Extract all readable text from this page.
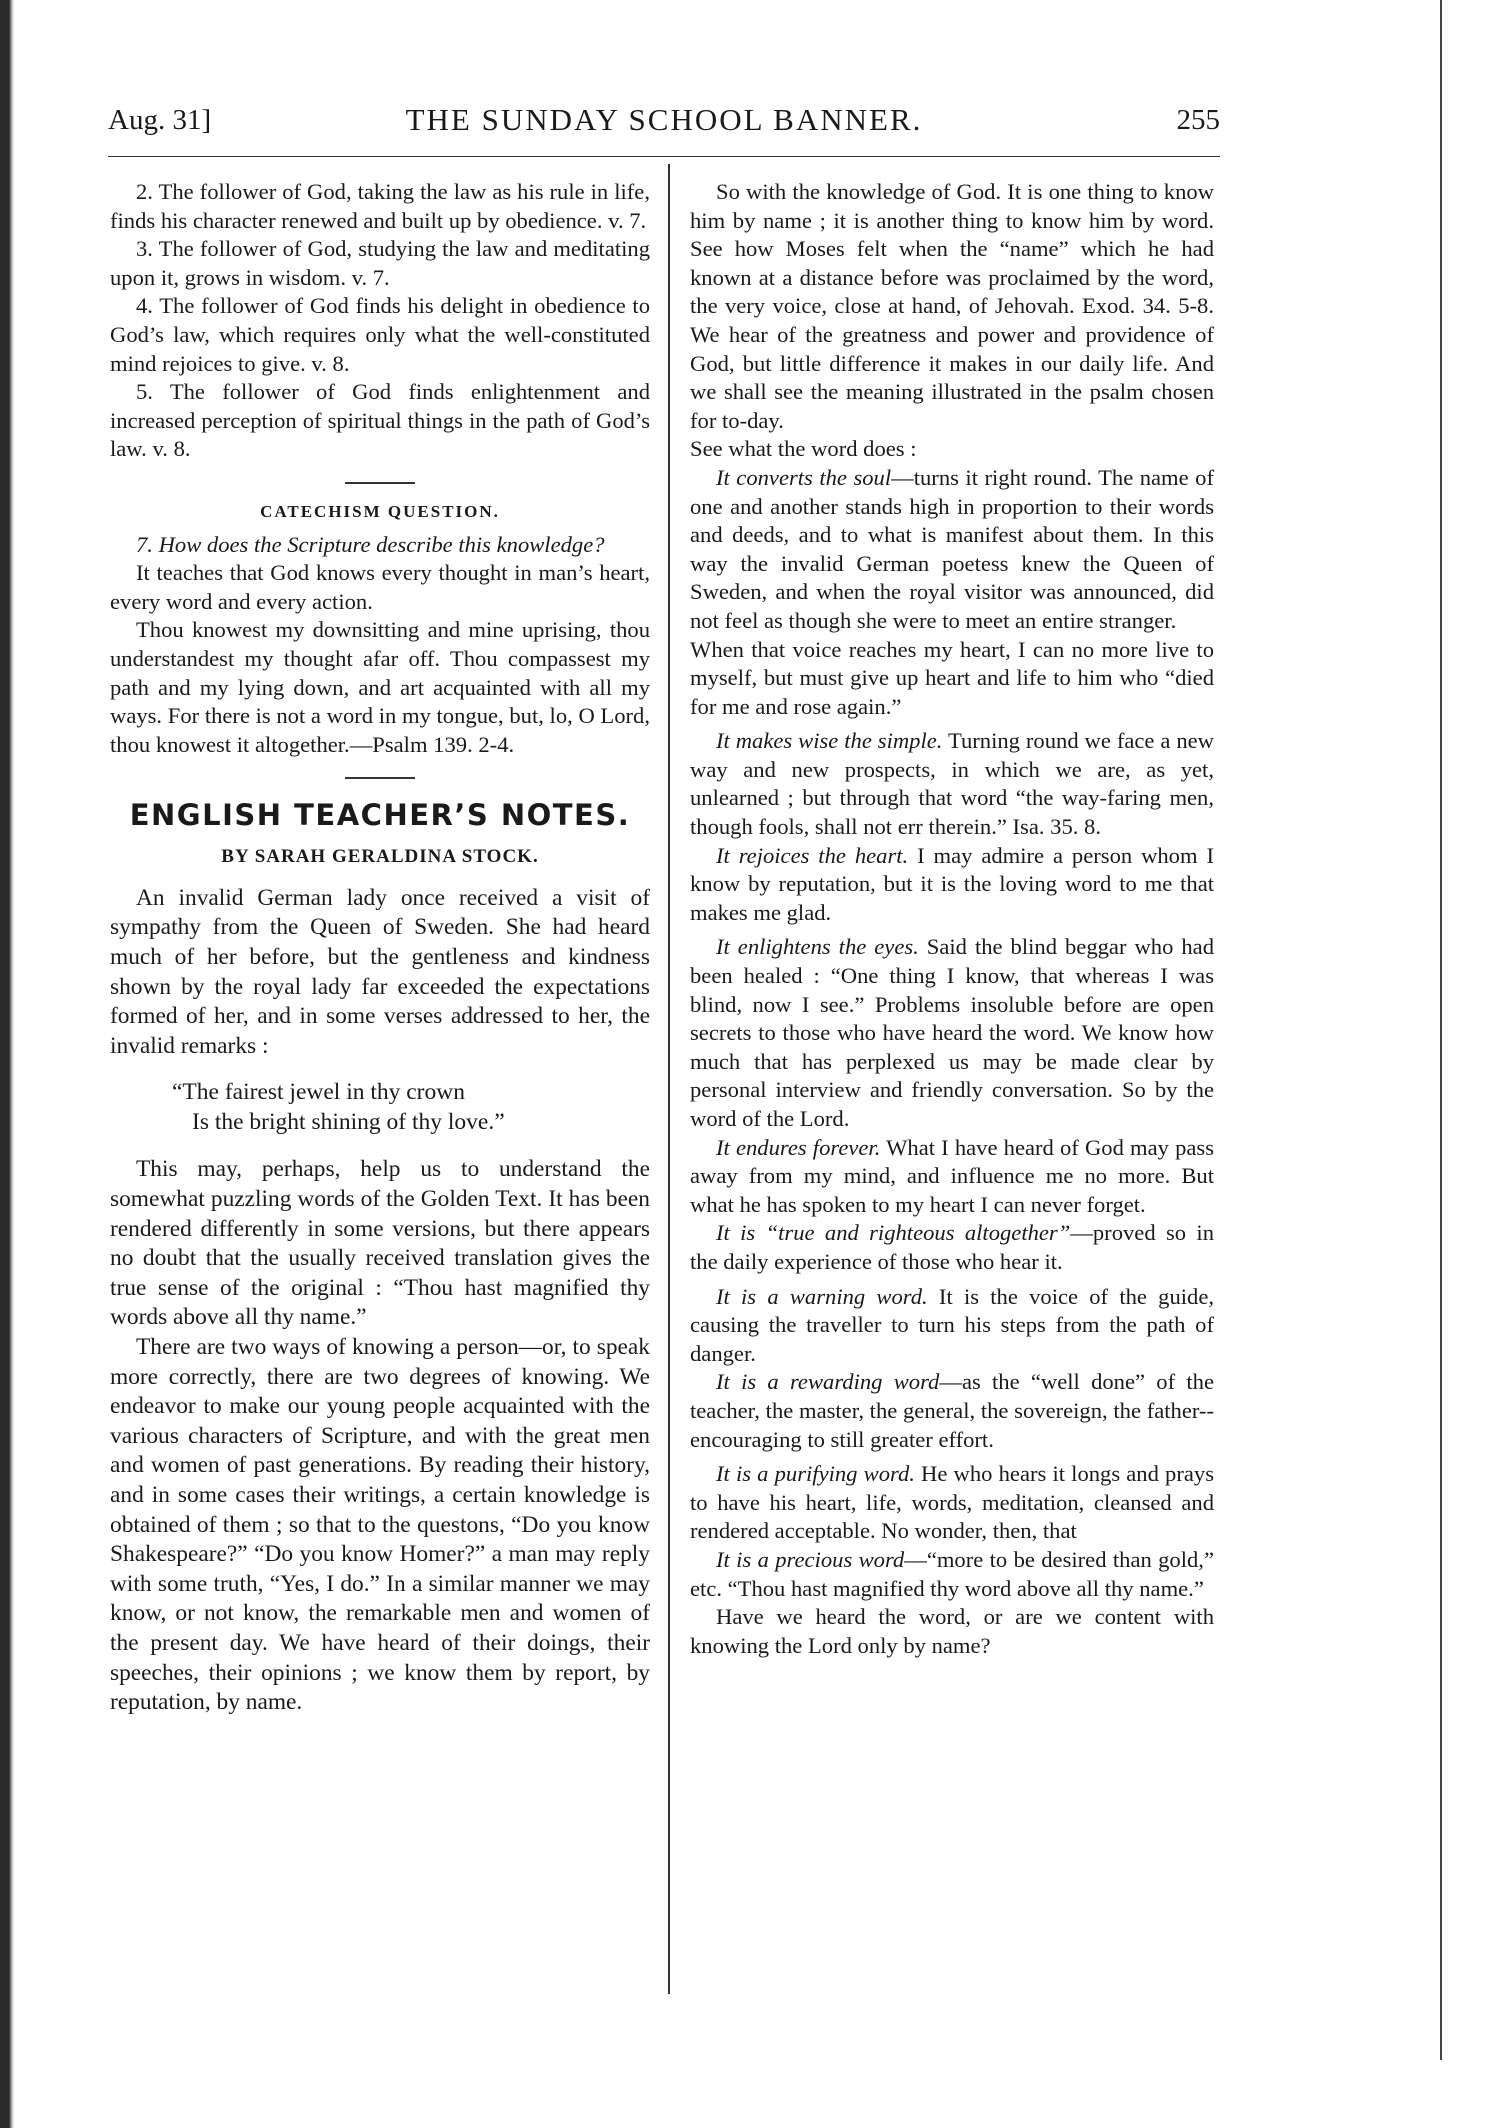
Aug. 31]	THE SUNDAY SCHOOL BANNER.	255

2. The follower of God, taking the law as his rule in life, finds his character renewed and built up by obedience. v. 7.

3. The follower of God, studying the law and meditating upon it, grows in wisdom. v. 7.

4. The follower of God finds his delight in obedience to God’s law, which requires only what the well-constituted mind rejoices to give. v. 8.

5. The follower of God finds enlightenment and increased perception of spiritual things in the path of God’s law. v. 8.

CATECHISM QUESTION.

7. How does the Scripture describe this knowledge?

It teaches that God knows every thought in man’s heart, every word and every action.

Thou knowest my downsitting and mine uprising, thou understandest my thought afar off. Thou compassest my path and my lying down, and art acquainted with all my ways. For there is not a word in my tongue, but, lo, O Lord, thou knowest it altogether.—Psalm 139. 2-4.

ENGLISH TEACHER’S NOTES.
BY SARAH GERALDINA STOCK.

An invalid German lady once received a visit of sympathy from the Queen of Sweden. She had heard much of her before, but the gentleness and kindness shown by the royal lady far exceeded the expectations formed of her, and in some verses addressed to her, the invalid remarks :

“The fairest jewel in thy crown
Is the bright shining of thy love.”

This may, perhaps, help us to understand the somewhat puzzling words of the Golden Text. It has been rendered differently in some versions, but there appears no doubt that the usually received translation gives the true sense of the original : “Thou hast magnified thy words above all thy name.”

There are two ways of knowing a person—or, to speak more correctly, there are two degrees of knowing. We endeavor to make our young people acquainted with the various characters of Scripture, and with the great men and women of past generations. By reading their history, and in some cases their writings, a certain knowledge is obtained of them ; so that to the questons, “Do you know Shakespeare?” “Do you know Homer?” a man may reply with some truth, “Yes, I do.” In a similar manner we may know, or not know, the remarkable men and women of the present day. We have heard of their doings, their speeches, their opinions ; we know them by report, by reputation, by name.

So with the knowledge of God. It is one thing to know him by name ; it is another thing to know him by word. See how Moses felt when the “name” which he had known at a distance before was proclaimed by the word, the very voice, close at hand, of Jehovah. Exod. 34. 5-8. We hear of the greatness and power and providence of God, but little difference it makes in our daily life. And we shall see the meaning illustrated in the psalm chosen for to-day.

See what the word does :

It converts the soul—turns it right round. The name of one and another stands high in proportion to their words and deeds, and to what is manifest about them. In this way the invalid German poetess knew the Queen of Sweden, and when the royal visitor was announced, did not feel as though she were to meet an entire stranger.

When that voice reaches my heart, I can no more live to myself, but must give up heart and life to him who “died for me and rose again.”

It makes wise the simple. Turning round we face a new way and new prospects, in which we are, as yet, unlearned ; but through that word “the way-faring men, though fools, shall not err therein.” Isa. 35. 8.

It rejoices the heart. I may admire a person whom I know by reputation, but it is the loving word to me that makes me glad.

It enlightens the eyes. Said the blind beggar who had been healed : “One thing I know, that whereas I was blind, now I see.” Problems insoluble before are open secrets to those who have heard the word. We know how much that has perplexed us may be made clear by personal interview and friendly conversation. So by the word of the Lord.

It endures forever. What I have heard of God may pass away from my mind, and influence me no more. But what he has spoken to my heart I can never forget.

It is “true and righteous altogether”—proved so in the daily experience of those who hear it.

It is a warning word. It is the voice of the guide, causing the traveller to turn his steps from the path of danger.

It is a rewarding word—as the “well done” of the teacher, the master, the general, the sovereign, the father--encouraging to still greater effort.

It is a purifying word. He who hears it longs and prays to have his heart, life, words, meditation, cleansed and rendered acceptable. No wonder, then, that

It is a precious word—“more to be desired than gold,” etc. “Thou hast magnified thy word above all thy name.”

Have we heard the word, or are we content with knowing the Lord only by name?
